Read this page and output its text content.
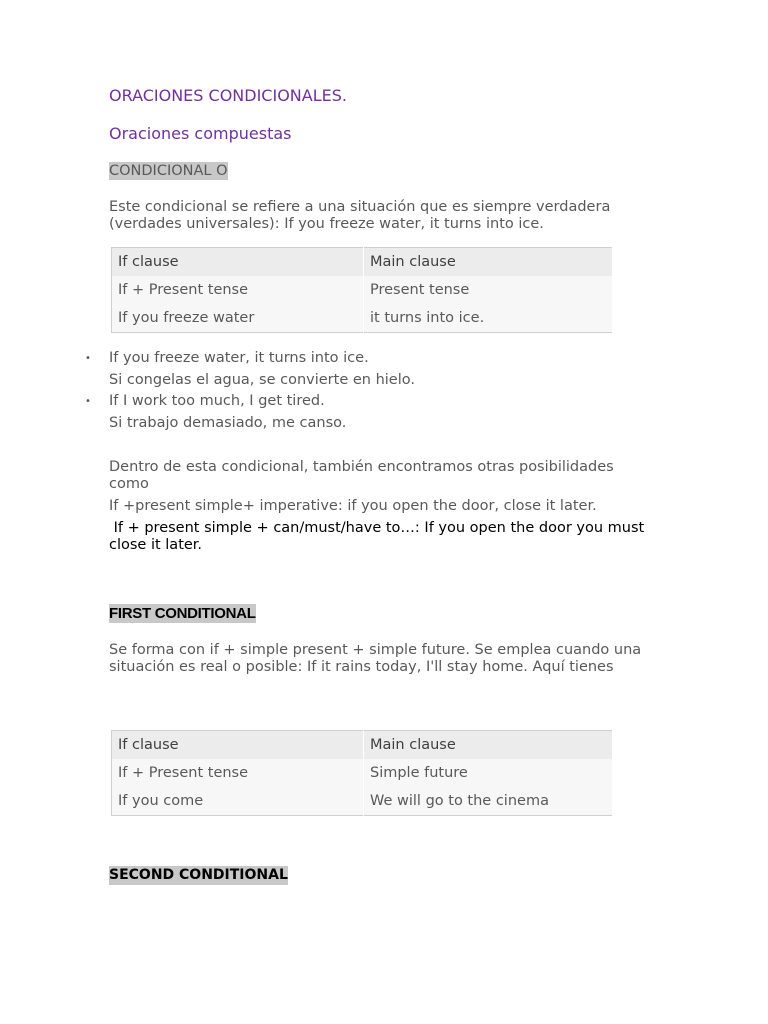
ORACIONES CONDICIONALES.
Oraciones compuestas
CONDICIONAL O
Este condicional se refiere a una situación que es siempre verdadera (verdades universales): If you freeze water, it turns into ice.
If clause	Main clause
If + Present tense	Present tense
If you freeze water	it turns into ice.
• If you freeze water, it turns into ice.
Si congelas el agua, se convierte en hielo.
• If I work too much, I get tired.
Si trabajo demasiado, me canso.
Dentro de esta condicional, también encontramos otras posibilidades como
If +present simple+ imperative: if you open the door, close it later.
If + present simple + can/must/have to…: If you open the door you must close it later.
FIRST CONDITIONAL
Se forma con if + simple present + simple future. Se emplea cuando una situación es real o posible: If it rains today, I'll stay home. Aquí tienes
If clause	Main clause
If + Present tense	Simple future
If you come	We will go to the cinema
SECOND CONDITIONAL
